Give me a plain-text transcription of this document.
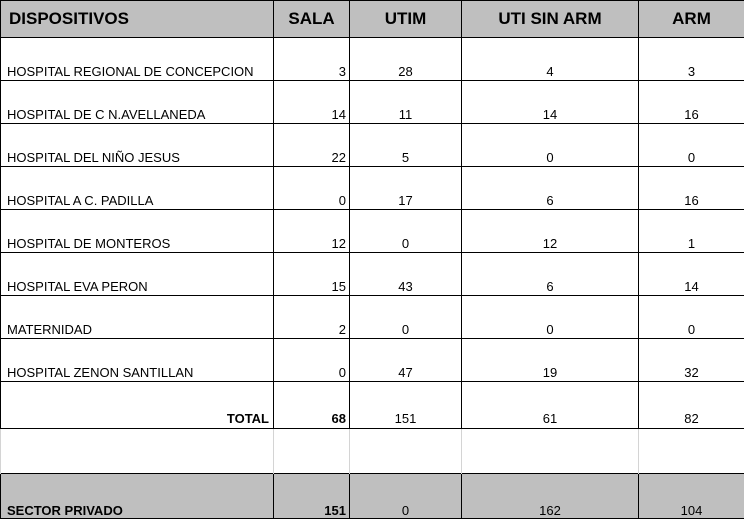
DISPOSITIVOS	SALA	UTIM	UTI SIN ARM	ARM
HOSPITAL REGIONAL DE CONCEPCION	3	28	4	3
HOSPITAL DE C N.AVELLANEDA	14	11	14	16
HOSPITAL DEL NIÑO JESUS	22	5	0	0
HOSPITAL A C. PADILLA	0	17	6	16
HOSPITAL DE MONTEROS	12	0	12	1
HOSPITAL EVA PERON	15	43	6	14
MATERNIDAD	2	0	0	0
HOSPITAL ZENON SANTILLAN	0	47	19	32
TOTAL	68	151	61	82

SECTOR PRIVADO	151	0	162	104
